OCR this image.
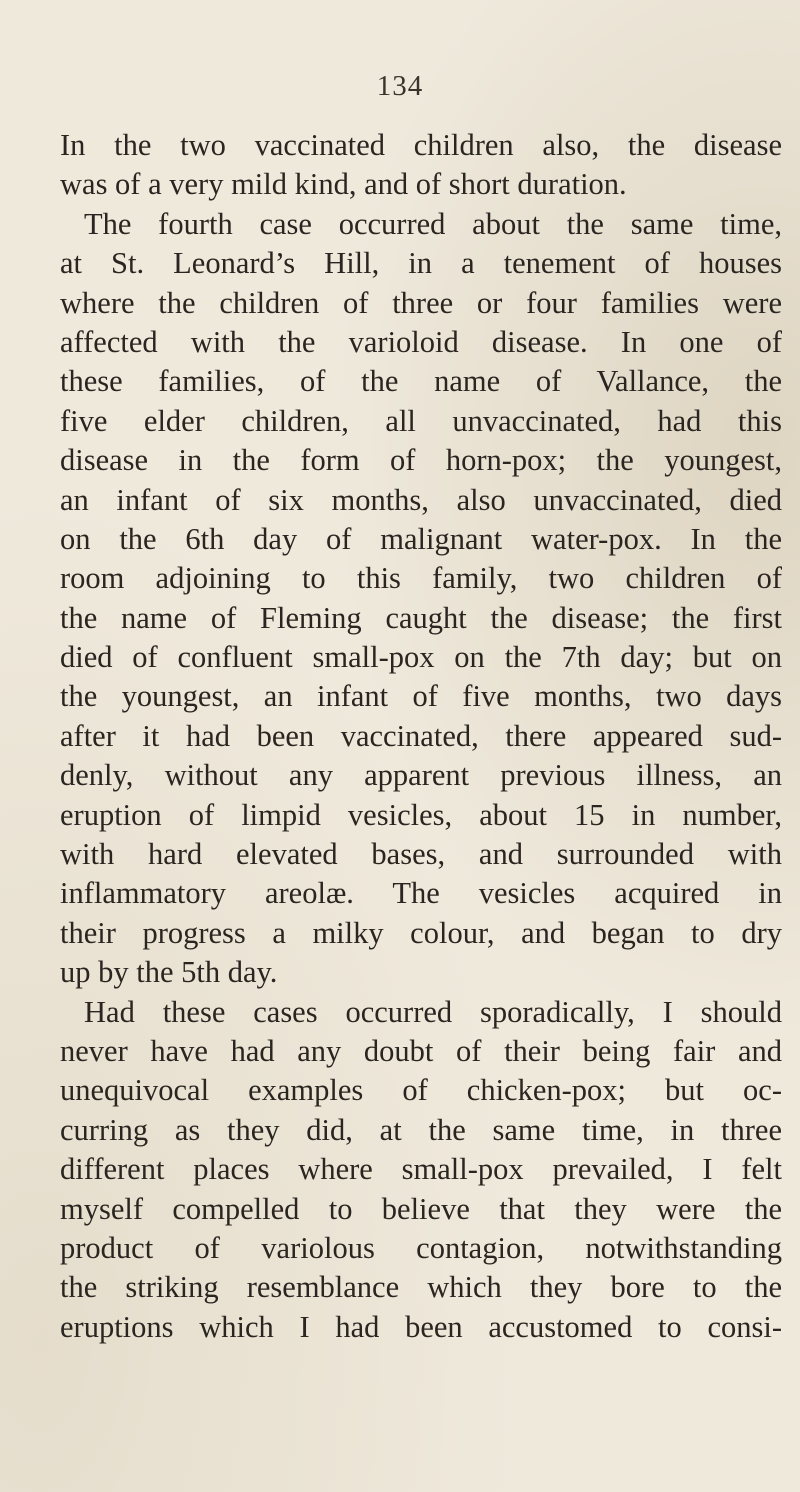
134
In the two vaccinated children also, the disease
was of a very mild kind, and of short duration.
The fourth case occurred about the same time,
at St. Leonard’s Hill, in a tenement of houses
where the children of three or four families were
affected with the varioloid disease. In one of
these families, of the name of Vallance, the
five elder children, all unvaccinated, had this
disease in the form of horn-pox; the youngest,
an infant of six months, also unvaccinated, died
on the 6th day of malignant water-pox. In the
room adjoining to this family, two children of
the name of Fleming caught the disease; the first
died of confluent small-pox on the 7th day; but on
the youngest, an infant of five months, two days
after it had been vaccinated, there appeared sud-
denly, without any apparent previous illness, an
eruption of limpid vesicles, about 15 in number,
with hard elevated bases, and surrounded with
inflammatory areolæ. The vesicles acquired in
their progress a milky colour, and began to dry
up by the 5th day.
Had these cases occurred sporadically, I should
never have had any doubt of their being fair and
unequivocal examples of chicken-pox; but oc-
curring as they did, at the same time, in three
different places where small-pox prevailed, I felt
myself compelled to believe that they were the
product of variolous contagion, notwithstanding
the striking resemblance which they bore to the
eruptions which I had been accustomed to consi-
